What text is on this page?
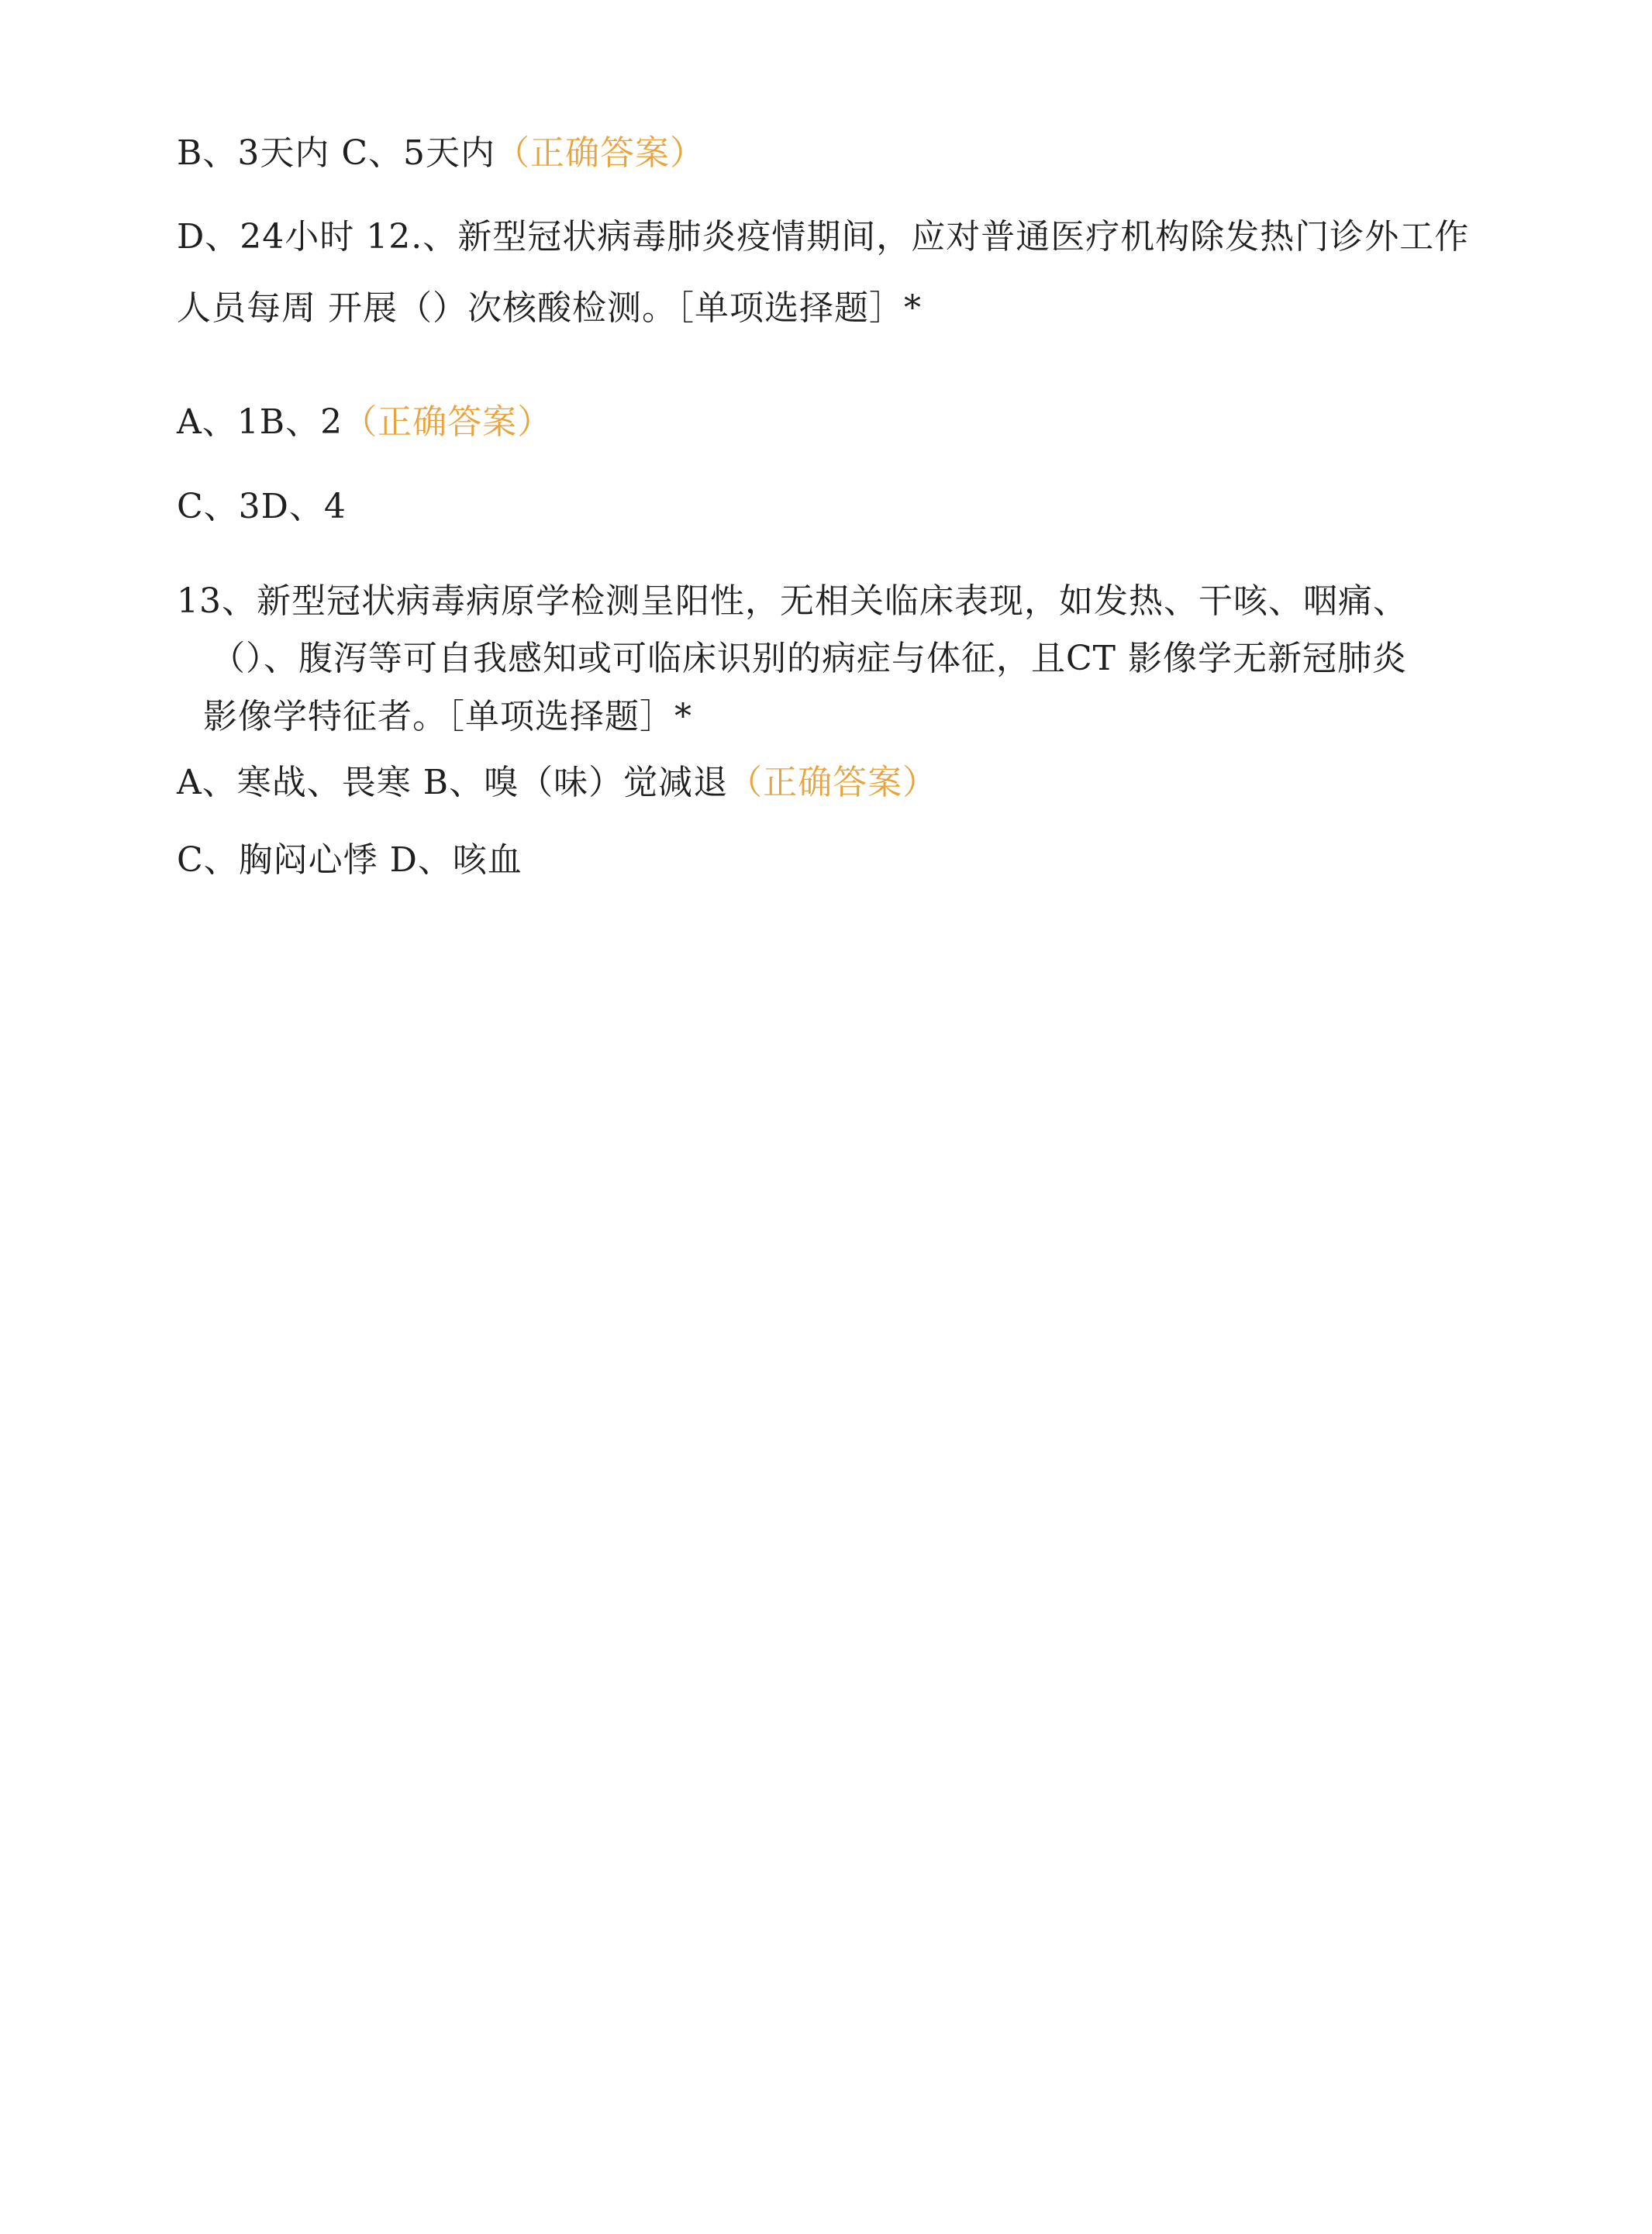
B、3天内 C、5天内（正确答案）
D、24小时 12.、新型冠状病毒肺炎疫情期间，应对普通医疗机构除发热门诊外工作
人员每周 开展（）次核酸检测。［单项选择题］*
A、1B、2（正确答案）
C、3D、4
13、新型冠状病毒病原学检测呈阳性，无相关临床表现，如发热、干咳、咽痛、
（）、腹泻等可自我感知或可临床识别的病症与体征，且CT 影像学无新冠肺炎
影像学特征者。［单项选择题］*
A、寒战、畏寒 B、嗅（味）觉减退（正确答案）
C、胸闷心悸 D、咳血
